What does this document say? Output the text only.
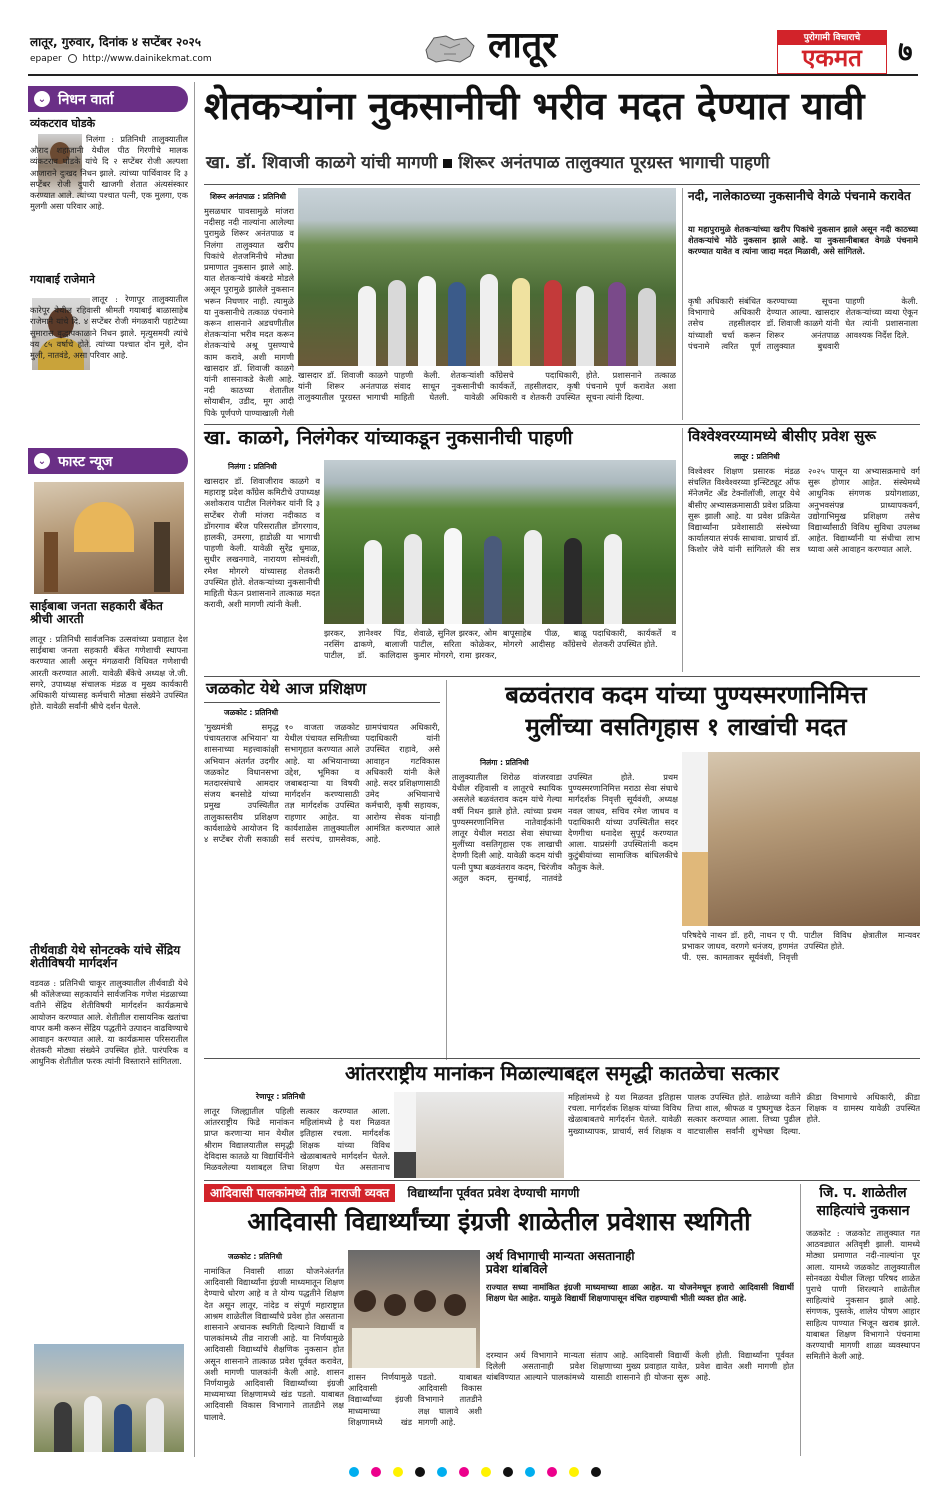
लातूर, गुरुवार, दिनांक ४ सप्टेंबर २०२५
epaper http://www.dainikekmat.com	लातूर	पुरोगामी विचाराचे
एकमत	७
⌄ निधन वार्ता
व्यंकटराव घोडके
निलंगा : प्रतिनिधी तालुक्यातील औराद शहाजानी येथील पीठ गिरणीचे मालक व्यंकटराव घोडके यांचे दि २ सप्टेंबर रोजी अल्पशा आजाराने दुःखद निधन झाले. त्यांच्या पार्थिवावर दि ३ सप्टेंबर रोजी दुपारी खाजगी शेतात अंत्यसंस्कार करण्यात आले. त्यांच्या पश्चात पत्नी, एक मुलगा, एक मुलगी असा परिवार आहे.
गयाबाई राजेमाने
लातूर : रेणापूर तालुक्यातील कारेपूर येथील रहिवासी श्रीमती गयाबाई बाळासाहेब राजेमाने यांचे दि. ४ सप्टेंबर रोजी मंगळवारी पहाटेच्या सुमारास वृद्धापकाळाने निधन झाले. मृत्युसमयी त्यांचे वय ८५ वर्षाचे होते. त्यांच्या पश्चात दोन मुले, दोन मुली, नातवंडे, असा परिवार आहे.
⌄ फास्ट न्यूज
साईबाबा जनता सहकारी बँकेत श्रीची आरती
लातूर : प्रतिनिधी सार्वजनिक उत्सवांच्या प्रवाहात देश साईबाबा जनता सहकारी बँकेत गणेशाची स्थापना करण्यात आली असून मंगळवारी विधिवत गणेशाची आरती करण्यात आली. यावेळी बँकेचे अध्यक्ष जे.जी. सगरे, उपाध्यक्ष संचालक मंडळ व मुख्य कार्यकारी अधिकारी यांच्यासह कर्मचारी मोठ्या संख्येने उपस्थित होते. यावेळी सर्वांनी श्रीचे दर्शन घेतले.
तीर्थवाडी येथे सोनटक्के यांचे सेंद्रिय शेतीविषयी मार्गदर्शन
वडवळ : प्रतिनिधी चाकूर तालुक्यातील तीर्थवाडी येथे श्री कॉलेजच्या सहकार्याने सार्वजनिक गणेश मंडळाच्या वतीने सेंद्रिय शेतीविषयी मार्गदर्शन कार्यक्रमाचे आयोजन करण्यात आले. शेतीतील रासायनिक खतांचा वापर कमी करून सेंद्रिय पद्धतीने उत्पादन वाढविण्याचे आवाहन करण्यात आले. या कार्यक्रमास परिसरातील शेतकरी मोठ्या संख्येने उपस्थित होते. पारंपरिक व आधुनिक शेतीतील फरक त्यांनी विस्ताराने सांगितला.
शेतकऱ्यांना नुकसानीची भरीव मदत देण्यात यावी
खा. डॉ. शिवाजी काळगे यांची मागणी शिरूर अनंतपाळ तालुक्यात पूरग्रस्त भागाची पाहणी
शिरूर अनंतपाळ : प्रतिनिधी
मुसळधार पावसामुळे मांजरा नदीसह नदी नाल्यांना आलेल्या पुरामुळे शिरूर अनंतपाळ व निलंगा तालुक्यात खरीप पिकांचे शेतजमिनीचे मोठ्या प्रमाणात नुकसान झाले आहे. यात शेतकऱ्यांचे कंबरडे मोडले असून पुरामुळे झालेले नुकसान भरून निघणार नाही. त्यामुळे या नुकसानीचे तत्काळ पंचनामे करून शासनाने अडचणीतील शेतकऱ्यांना भरीव मदत करून शेतकऱ्यांचे अश्रू पुसण्याचे काम करावे, अशी मागणी खासदार डॉ. शिवाजी काळगे यांनी शासनाकडे केली आहे. नदी काठच्या शेतातील सोयाबीन, उडीद, मूग आदी पिके पूर्णपणे पाण्याखाली गेली
खासदार डॉ. शिवाजी काळगे यांनी शिरूर अनंतपाळ तालुक्यातील पूरग्रस्त भागाची पाहणी केली. शेतकऱ्यांशी संवाद साधून नुकसानीची माहिती घेतली. यावेळी काँग्रेसचे पदाधिकारी, कार्यकर्ते, तहसीलदार, कृषी अधिकारी व शेतकरी उपस्थित होते. प्रशासनाने तत्काळ पंचनामे पूर्ण करावेत अशा सूचना त्यांनी दिल्या.
नदी, नालेकाठच्या नुकसानीचे वेगळे पंचनामे करावेत
या महापुरामुळे शेतकऱ्यांच्या खरीप पिकांचे नुकसान झाले असून नदी काठच्या शेतकऱ्यांचे मोठे नुकसान झाले आहे. या नुकसानीबाबत वेगळे पंचनामे करण्यात यावेत व त्यांना जादा मदत मिळावी, असे सांगितले.
कृषी अधिकारी संबंधित विभागाचे अधिकारी तसेच तहसीलदार यांच्याशी चर्चा करून पंचनामे त्वरित पूर्ण करण्याच्या सूचना देण्यात आल्या. खासदार डॉ. शिवाजी काळगे यांनी शिरूर अनंतपाळ तालुक्यात बुधवारी पाहणी केली. शेतकऱ्यांच्या व्यथा ऐकून घेत त्यांनी प्रशासनाला आवश्यक निर्देश दिले.
खा. काळगे, निलंगेकर यांच्याकडून नुकसानीची पाहणी
निलंगा : प्रतिनिधी
खासदार डॉ. शिवाजीराव काळगे व महाराष्ट्र प्रदेश काँग्रेस कमिटीचे उपाध्यक्ष अशोकराव पाटील निलंगेकर यांनी दि ३ सप्टेंबर रोजी मांजरा नदीकाठ व डोंगरगाव बॅरेज परिसरातील डोंगरगाव, हालकी, उमरगा, हाडोळी या भागाची पाहणी केली. यावेळी सुरेंद्र धुमाळ, सुधीर लखनगावे, नारायण सोमवंशी, रमेश मोगरगे यांच्यासह शेतकरी उपस्थित होते. शेतकऱ्यांच्या नुकसानीची माहिती घेऊन प्रशासनाने तात्काळ मदत करावी, अशी मागणी त्यांनी केली.
झरकर, ज्ञानेश्वर पिंड, नरसिंग ढाकणे, बालाजी पाटील, डॉ. कालिदास शेवाळे, सुनिल झरकर, ओम पाटील, सरिता कोळेकर, कुमार मोगरगे, रामा झरकर, बापूसाहेब पीळ, बाळू मोगरगे आदीसह काँग्रेसचे पदाधिकारी, कार्यकर्ते व शेतकरी उपस्थित होते.
विश्वेश्वरय्यामध्ये बीसीए प्रवेश सुरू
लातूर : प्रतिनिधी
विश्वेश्वर शिक्षण प्रसारक मंडळ संचलित विश्वेश्वरय्या इन्स्टिट्यूट ऑफ मॅनेजमेंट अँड टेक्नॉलॉजी, लातूर येथे बीसीए अभ्यासक्रमासाठी प्रवेश प्रक्रिया सुरू झाली आहे. या प्रवेश प्रक्रियेत विद्यार्थ्यांना प्रवेशासाठी संस्थेच्या कार्यालयात संपर्क साधावा. प्राचार्य डॉ. किशोर जेवे यांनी सांगितले की सत्र २०२५ पासून या अभ्यासक्रमाचे वर्ग सुरू होणार आहेत. संस्थेमध्ये आधुनिक संगणक प्रयोगशाळा, अनुभवसंपन्न प्राध्यापकवर्ग, उद्योगाभिमुख प्रशिक्षण तसेच विद्यार्थ्यांसाठी विविध सुविधा उपलब्ध आहेत. विद्यार्थ्यांनी या संधीचा लाभ घ्यावा असे आवाहन करण्यात आले.
जळकोट येथे आज प्रशिक्षण
जळकोट : प्रतिनिधी
'मुख्यमंत्री समृद्ध पंचायतराज अभियान' या शासनाच्या महत्त्वाकांक्षी अभियान अंतर्गत उदगीर जळकोट विधानसभा मतदारसंघाचे आमदार संजय बनसोडे यांच्या प्रमुख उपस्थितीत तालुकास्तरीय प्रशिक्षण कार्यशाळेचे आयोजन दि ४ सप्टेंबर रोजी सकाळी १० वाजता जळकोट येथील पंचायत समितीच्या सभागृहात करण्यात आले आहे. या अभियानाच्या उद्देश, भूमिका व जबाबदाऱ्या या विषयी मार्गदर्शन करण्यासाठी तज्ञ मार्गदर्शक उपस्थित राहणार आहेत. या कार्यशाळेस तालुक्यातील सर्व सरपंच, ग्रामसेवक, ग्रामपंचायत अधिकारी, पदाधिकारी यांनी उपस्थित राहावे, असे आवाहन गटविकास अधिकारी यांनी केले आहे. सदर प्रशिक्षणासाठी उमेद अभियानाचे कर्मचारी, कृषी सहायक, आरोग्य सेवक यांनाही आमंत्रित करण्यात आले आहे.
बळवंतराव कदम यांच्या पुण्यस्मरणानिमित्त
मुलींच्या वसतिगृहास १ लाखांची मदत
निलंगा : प्रतिनिधी
तालुक्यातील शिरोळ वांजरवाडा येथील रहिवासी व लातूरचे स्थायिक असलेले बळवंतराव कदम यांचे गेल्या वर्षी निधन झाले होते. त्यांच्या प्रथम पुण्यस्मरणानिमित्त नातेवाईकांनी लातूर येथील मराठा सेवा संघाच्या मुलींच्या वसतिगृहास एक लाखाची देणगी दिली आहे. यावेळी कदम यांची पत्नी पुष्पा बळवंतराव कदम, चिरंजीव अतुल कदम, सुनबाई, नातवंडे उपस्थित होते. प्रथम पुण्यस्मरणानिमित्त मराठा सेवा संघाचे मार्गदर्शक निवृत्ती सूर्यवंशी, अध्यक्ष नवल जाधव, सचिव रमेश जाधव व पदाधिकारी यांच्या उपस्थितीत सदर देणगीचा धनादेश सुपूर्द करण्यात आला. याप्रसंगी उपस्थितांनी कदम कुटुंबीयांच्या सामाजिक बांधिलकीचे कौतुक केले.
परिषदेचे नाथन डॉ. हरी, नाथन ए पी. प्रभाकर जाधव, वरणगे धनंजय, हणमंत पी. एस. कामताकर सूर्यवंशी, निवृत्ती पाटील विविध क्षेत्रातील मान्यवर उपस्थित होते.
आंतरराष्ट्रीय मानांकन मिळाल्याबद्दल समृद्धी कातळेचा सत्कार
रेणापूर : प्रतिनिधी
लातूर जिल्ह्यातील पहिली आंतरराष्ट्रीय फिडे मानांकन प्राप्त करणाऱ्या मान येथील श्रीराम विद्यालयातील समृद्धी देविदास कातळे या विद्यार्थिनीने मिळवलेल्या यशाबद्दल तिचा सत्कार करण्यात आला. महिलांमध्ये हे यश मिळवत इतिहास रचला. मार्गदर्शक शिक्षक यांच्या विविध खेळाबाबतचे मार्गदर्शन घेतले. शिक्षण घेत असतानाच
महिलांमध्ये हे यश मिळवत इतिहास रचला. मार्गदर्शक शिक्षक यांच्या विविध खेळाबाबतचे मार्गदर्शन घेतले. यावेळी मुख्याध्यापक, प्राचार्य, सर्व शिक्षक व पालक उपस्थित होते. शाळेच्या वतीने तिचा शाल, श्रीफळ व पुष्पगुच्छ देऊन सत्कार करण्यात आला. तिच्या पुढील वाटचालीस सर्वांनी शुभेच्छा दिल्या. क्रीडा विभागाचे अधिकारी, क्रीडा शिक्षक व ग्रामस्थ यावेळी उपस्थित होते.
आदिवासी पालकांमध्ये तीव्र नाराजी व्यक्त विद्यार्थ्यांना पूर्ववत प्रवेश देण्याची मागणी
आदिवासी विद्यार्थ्यांच्या इंग्रजी शाळेतील प्रवेशास स्थगिती
जळकोट : प्रतिनिधी
नामांकित निवासी शाळा योजनेअंतर्गत आदिवासी विद्यार्थ्यांना इंग्रजी माध्यमातून शिक्षण देण्याचे धोरण आहे व ते योग्य पद्धतीने शिक्षण देत असून लातूर, नांदेड व संपूर्ण महाराष्ट्रात आश्रम शाळेतील विद्यार्थ्यांचे प्रवेश होत असताना शासनाने अचानक स्थगिती दिल्याने विद्यार्थी व पालकांमध्ये तीव्र नाराजी आहे. या निर्णयामुळे आदिवासी विद्यार्थ्यांचे शैक्षणिक नुकसान होत असून शासनाने तात्काळ प्रवेश पूर्ववत करावेत, अशी मागणी पालकांनी केली आहे. शासन निर्णयामुळे आदिवासी विद्यार्थ्यांच्या इंग्रजी माध्यमाच्या शिक्षणामध्ये खंड पडतो. याबाबत आदिवासी विकास विभागाने तातडीने लक्ष घालावे.
शासन निर्णयामुळे आदिवासी विद्यार्थ्यांच्या इंग्रजी माध्यमाच्या शिक्षणामध्ये खंड पडतो. याबाबत आदिवासी विकास विभागाने तातडीने लक्ष घालावे अशी मागणी आहे.
अर्थ विभागाची मान्यता असतानाही प्रवेश थांबविले
राज्यात सध्या नामांकित इंग्रजी माध्यमाच्या शाळा आहेत. या योजनेमधून हजारो आदिवासी विद्यार्थी शिक्षण घेत आहेत. यामुळे विद्यार्थी शिक्षणापासून वंचित राहण्याची भीती व्यक्त होत आहे.
दरम्यान अर्थ विभागाने मान्यता दिलेली असतानाही प्रवेश थांबविण्यात आल्याने पालकांमध्ये संताप आहे. आदिवासी विद्यार्थी शिक्षणाच्या मुख्य प्रवाहात यावेत, यासाठी शासनाने ही योजना सुरू केली होती. विद्यार्थ्यांना पूर्ववत प्रवेश द्यावेत अशी मागणी होत आहे.
जि. प. शाळेतील
साहित्यांचे नुकसान
जळकोट : जळकोट तालुक्यात गत आठवड्यात अतिवृष्टी झाली. यामध्ये मोठ्या प्रमाणात नदी-नाल्यांना पूर आला. यामध्ये जळकोट तालुक्यातील सोनवळा येथील जिल्हा परिषद शाळेत पुराचे पाणी शिरल्याने शाळेतील साहित्यांचे नुकसान झाले आहे. संगणक, पुस्तके, शालेय पोषण आहार साहित्य पाण्यात भिजून खराब झाले. याबाबत शिक्षण विभागाने पंचनामा करण्याची मागणी शाळा व्यवस्थापन समितीने केली आहे.
